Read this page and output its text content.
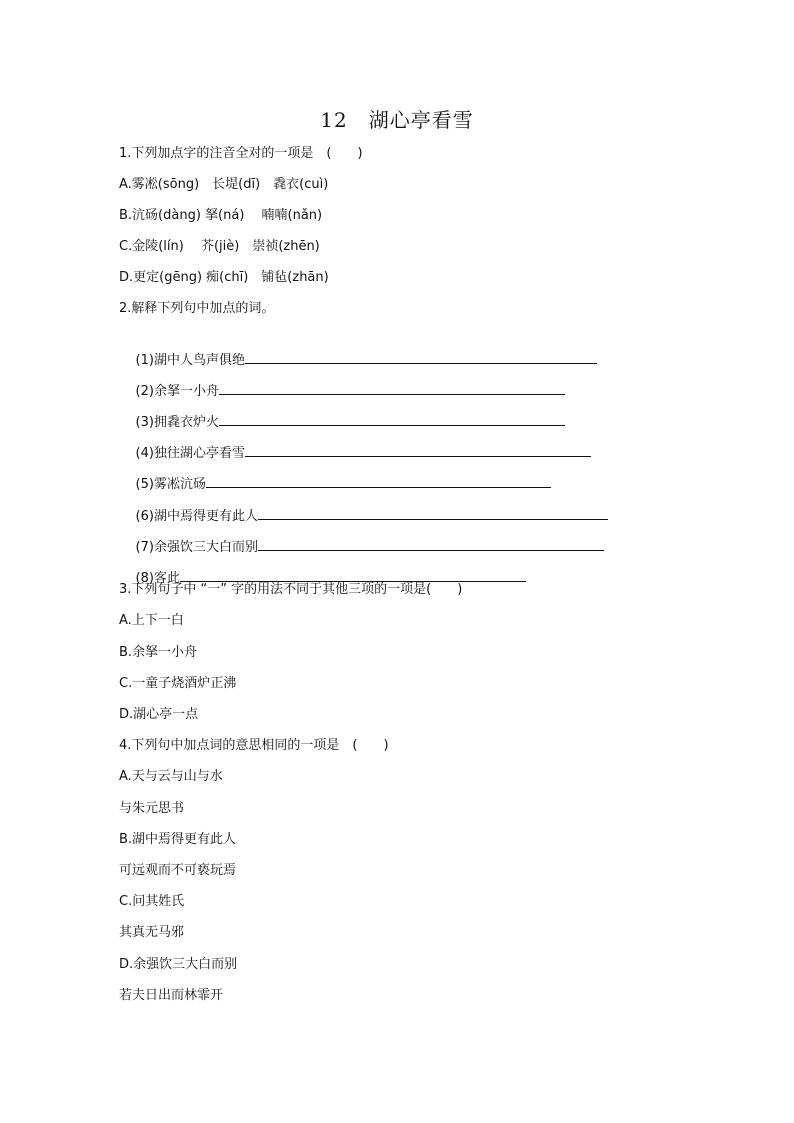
12　湖心亭看雪
1.下列加点字的注音全对的一项是　(　　)
A.雾凇(sōng)　长堤(dī)　毳衣(cuì)
B.沆砀(dàng) 拏(ná)　 喃喃(nǎn)
C.金陵(lín)　 芥(jiè)　崇祯(zhēn)
D.更定(gēng) 痴(chī)　铺毡(zhān)
2.解释下列句中加点的词。

(1)湖中人鸟声俱绝

(2)余拏一小舟

(3)拥毳衣炉火

(4)独往湖心亭看雪

(5)雾凇沆砀

(6)湖中焉得更有此人

(7)余强饮三大白而别

(8)客此

3.下列句子中 “一” 字的用法不同于其他三项的一项是(　　)
A.上下一白
B.余拏一小舟
C.一童子烧酒炉正沸
D.湖心亭一点
4.下列句中加点词的意思相同的一项是　(　　)
A.天与云与山与水
与朱元思书
B.湖中焉得更有此人
可远观而不可亵玩焉
C.问其姓氏
其真无马邪
D.余强饮三大白而别
若夫日出而林霏开
